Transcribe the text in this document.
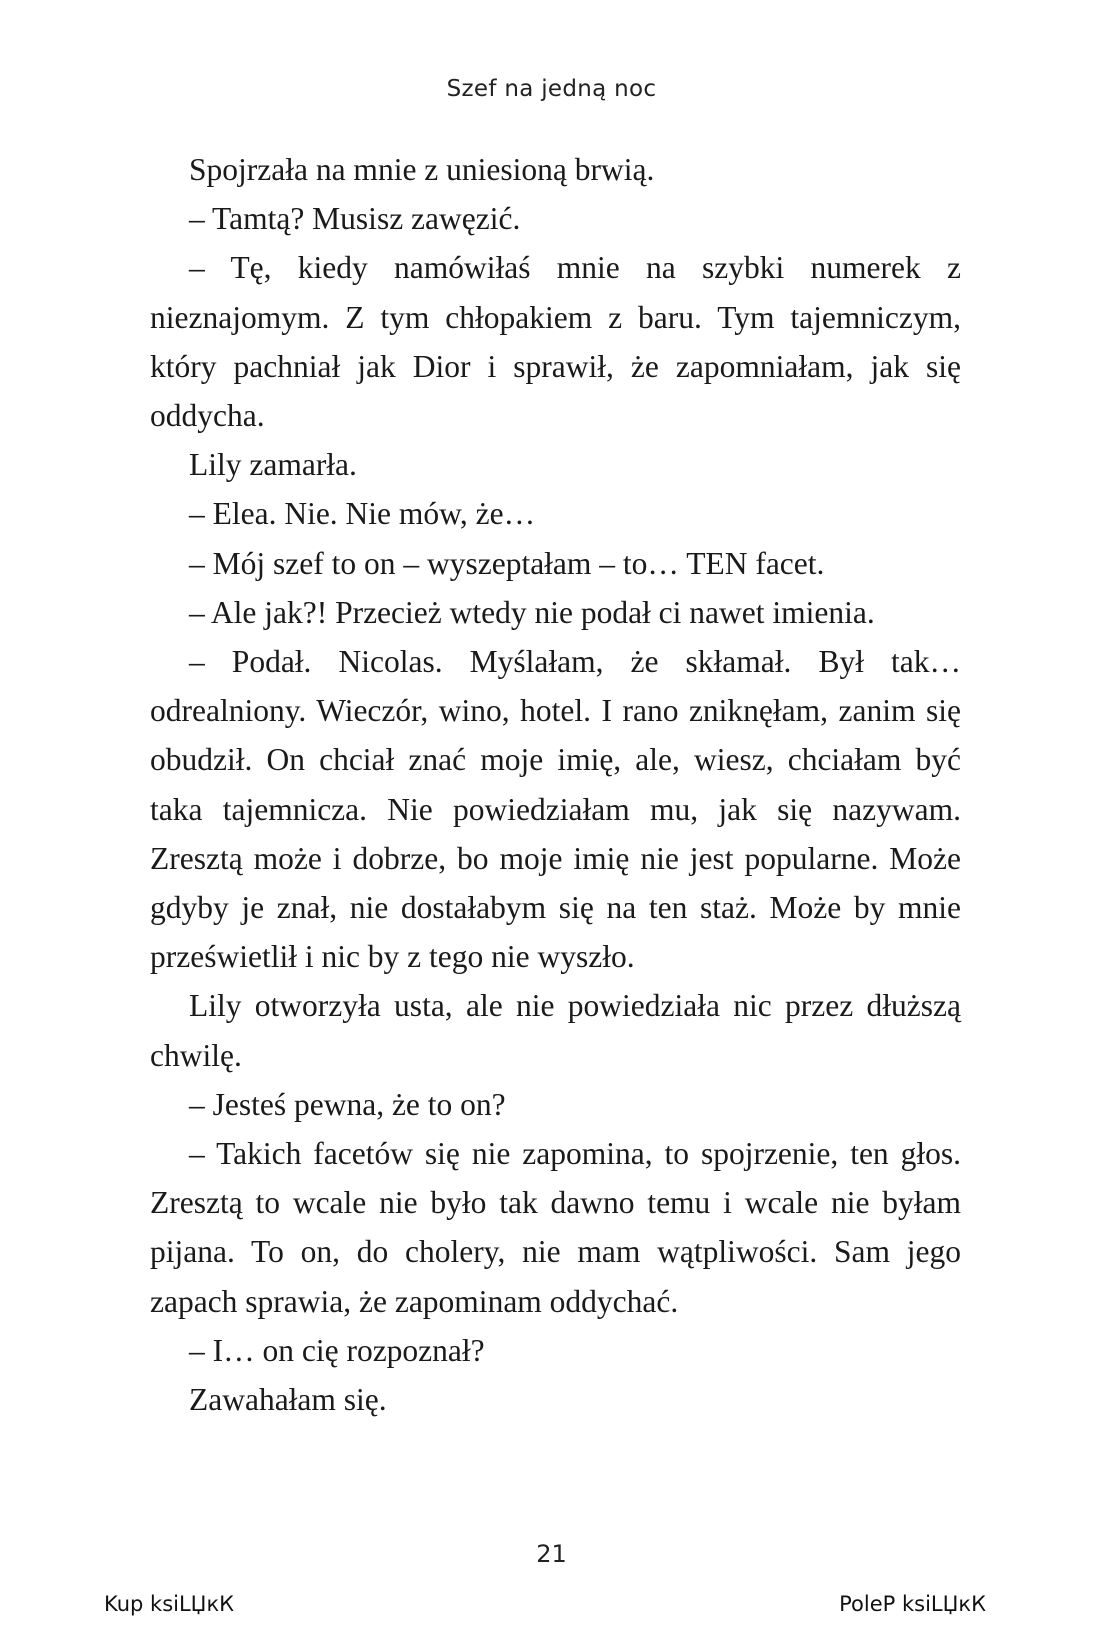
Szef na jedną noc

Spojrzała na mnie z uniesioną brwią.

– Tamtą? Musisz zawęzić.

– Tę, kiedy namówiłaś mnie na szybki numerek z nieznajomym. Z tym chłopakiem z baru. Tym tajemniczym, który pachniał jak Dior i sprawił, że zapomniałam, jak się oddycha.

Lily zamarła.

– Elea. Nie. Nie mów, że…

– Mój szef to on – wyszeptałam – to… TEN facet.

– Ale jak?! Przecież wtedy nie podał ci nawet imienia.

– Podał. Nicolas. Myślałam, że skłamał. Był tak… odrealniony. Wieczór, wino, hotel. I rano zniknęłam, zanim się obudził. On chciał znać moje imię, ale, wiesz, chciałam być taka tajemnicza. Nie powiedziałam mu, jak się nazywam. Zresztą może i dobrze, bo moje imię nie jest popularne. Może gdyby je znał, nie dostałabym się na ten staż. Może by mnie prześwietlił i nic by z tego nie wyszło.

Lily otworzyła usta, ale nie powiedziała nic przez dłuższą chwilę.

– Jesteś pewna, że to on?

– Takich facetów się nie zapomina, to spojrzenie, ten głos. Zresztą to wcale nie było tak dawno temu i wcale nie byłam pijana. To on, do cholery, nie mam wątpliwości. Sam jego zapach sprawia, że zapominam oddychać.

– I… on cię rozpoznał?

Zawahałam się.

21
Kup ksiLЏкК	PoleP ksiLЏкК
